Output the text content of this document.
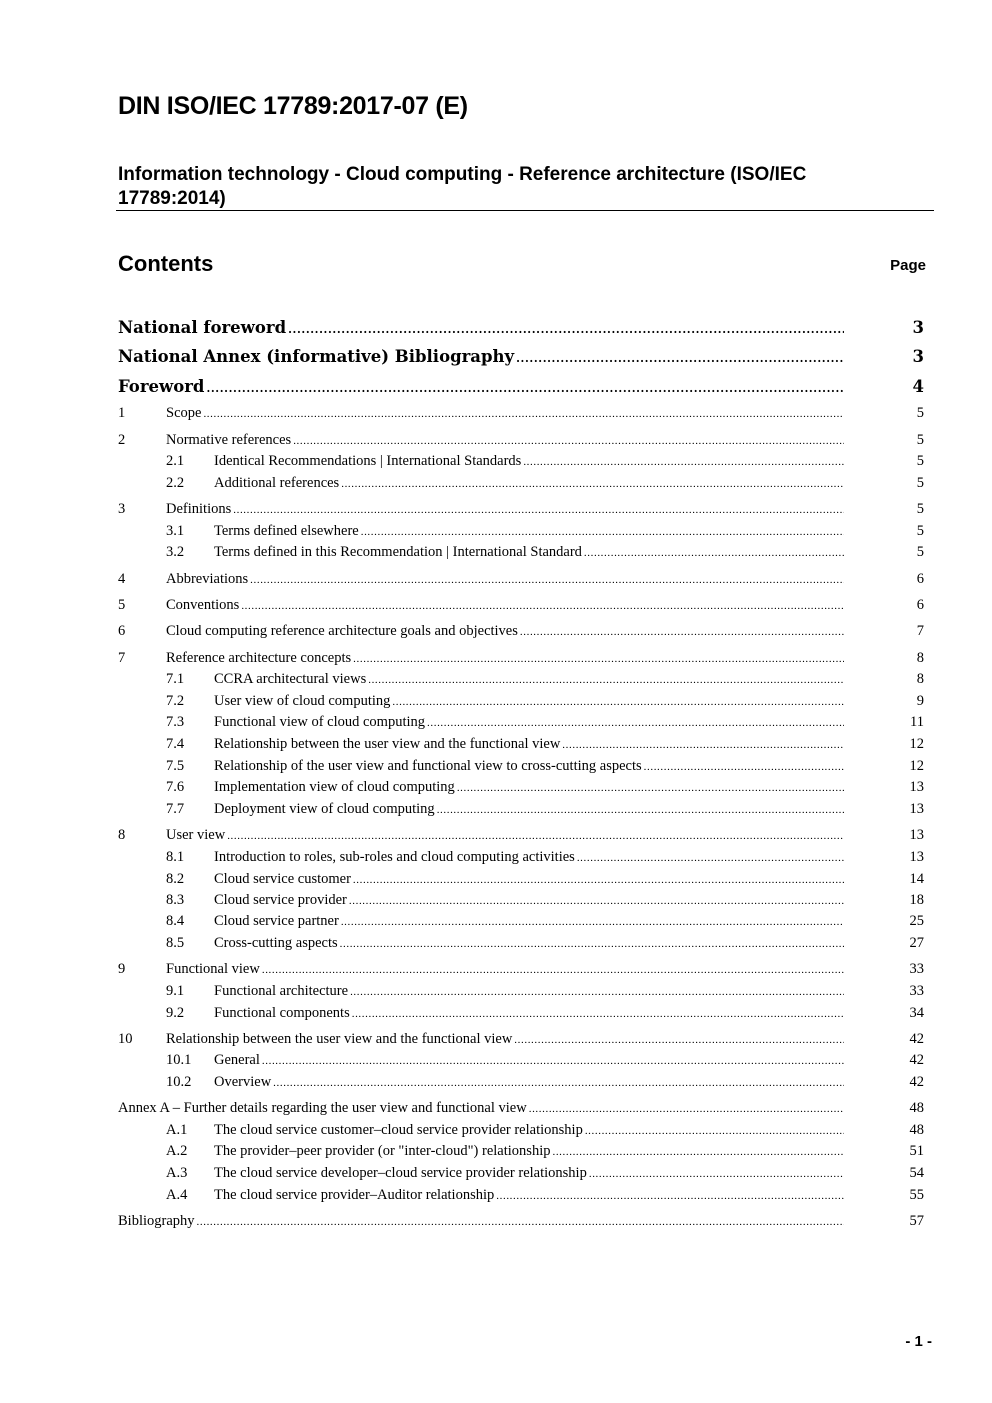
DIN ISO/IEC 17789:2017-07 (E)
Information technology - Cloud computing - Reference architecture (ISO/IEC 17789:2014)
Contents	Page
National foreword .....	3
National Annex (informative) Bibliography .....	3
Foreword .....	4
1	Scope .....	5
2	Normative references .....	5
2.1	Identical Recommendations | International Standards .....	5
2.2	Additional references .....	5
3	Definitions .....	5
3.1	Terms defined elsewhere .....	5
3.2	Terms defined in this Recommendation | International Standard .....	5
4	Abbreviations .....	6
5	Conventions .....	6
6	Cloud computing reference architecture goals and objectives .....	7
7	Reference architecture concepts .....	8
7.1	CCRA architectural views .....	8
7.2	User view of cloud computing .....	9
7.3	Functional view of cloud computing .....	11
7.4	Relationship between the user view and the functional view .....	12
7.5	Relationship of the user view and functional view to cross-cutting aspects .....	12
7.6	Implementation view of cloud computing .....	13
7.7	Deployment view of cloud computing .....	13
8	User view .....	13
8.1	Introduction to roles, sub-roles and cloud computing activities .....	13
8.2	Cloud service customer .....	14
8.3	Cloud service provider .....	18
8.4	Cloud service partner .....	25
8.5	Cross-cutting aspects .....	27
9	Functional view .....	33
9.1	Functional architecture .....	33
9.2	Functional components .....	34
10	Relationship between the user view and the functional view .....	42
10.1	General .....	42
10.2	Overview .....	42
Annex A – Further details regarding the user view and functional view .....	48
A.1	The cloud service customer–cloud service provider relationship .....	48
A.2	The provider–peer provider (or "inter-cloud") relationship .....	51
A.3	The cloud service developer–cloud service provider relationship .....	54
A.4	The cloud service provider–Auditor relationship .....	55
Bibliography .....	57
- 1 -
